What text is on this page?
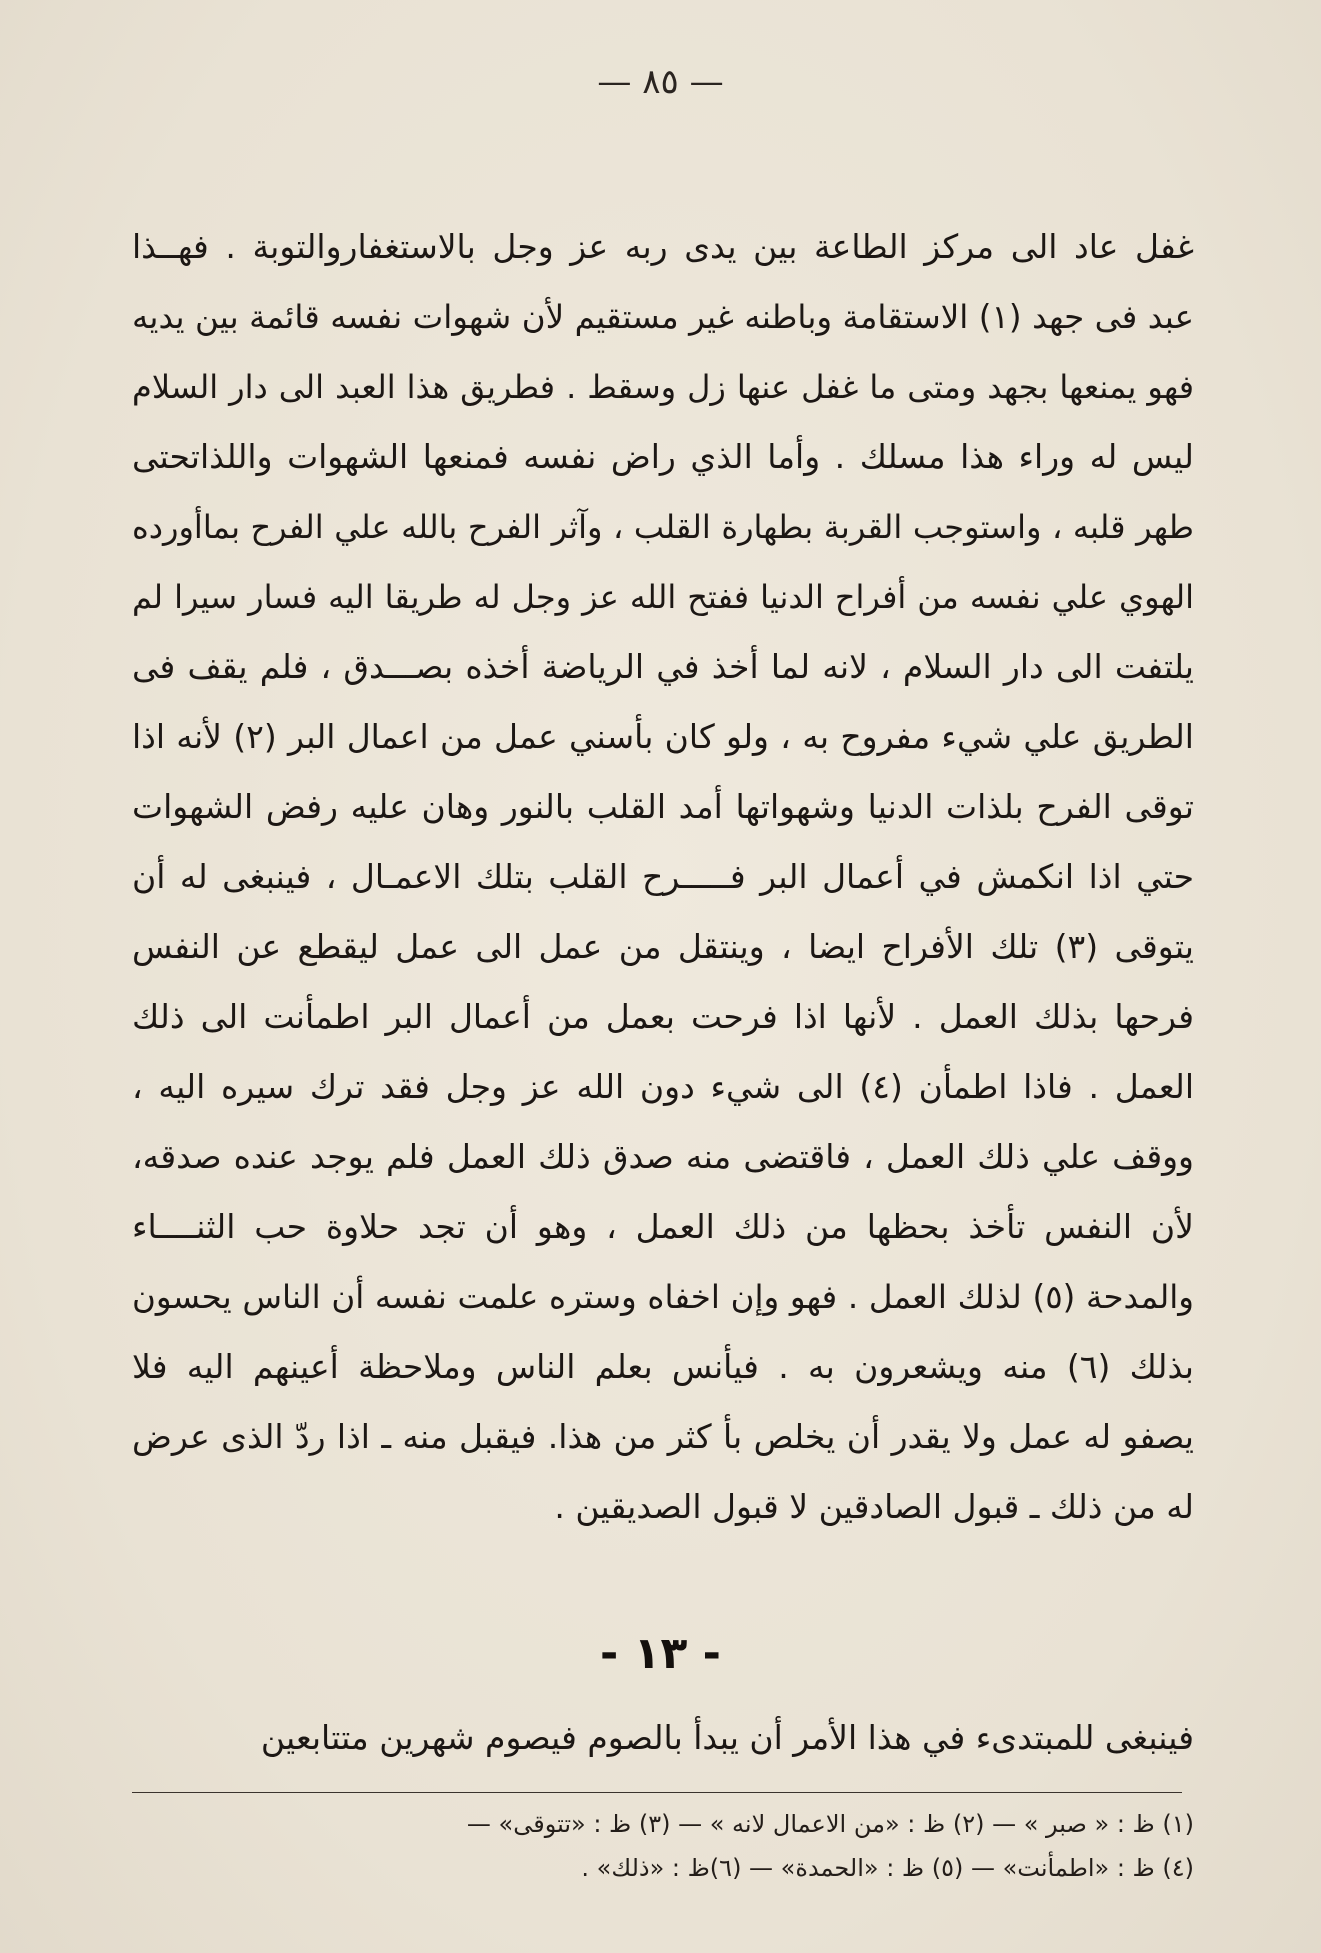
— ٨٥ —
غفل عاد الى مركز الطاعة بين يدى ربه عز وجل بالاستغفاروالتوبة . فهــذا
عبد فى جهد (١) الاستقامة وباطنه غير مستقيم لأن شهوات نفسه قائمة بين يديه
فهو يمنعها بجهد ومتى ما غفل عنها زل وسقط . فطريق هذا العبد الى دار السلام
ليس له وراء هذا مسلك . وأما الذي راض نفسه فمنعها الشهوات واللذاتحتى
طهر قلبه ، واستوجب القربة بطهارة القلب ، وآثر الفرح بالله علي الفرح بماأورده
الهوي علي نفسه من أفراح الدنيا ففتح الله عز وجل له طريقا اليه فسار سيرا لم
يلتفت الى دار السلام ، لانه لما أخذ في الرياضة أخذه بصـــدق ، فلم يقف فى
الطريق علي شيء مفروح به ، ولو كان بأسني عمل من اعمال البر (٢) لأنه اذا
توقى الفرح بلذات الدنيا وشهواتها أمد القلب بالنور وهان عليه رفض الشهوات
حتي اذا انكمش في أعمال البر فـــــرح القلب بتلك الاعمـال ، فينبغى له أن
يتوقى (٣) تلك الأفراح ايضا ، وينتقل من عمل الى عمل ليقطع عن النفس
فرحها بذلك العمل . لأنها اذا فرحت بعمل من أعمال البر اطمأنت الى ذلك
العمل . فاذا اطمأن (٤) الى شيء دون الله عز وجل فقد ترك سيره اليه ،
ووقف علي ذلك العمل ، فاقتضى منه صدق ذلك العمل فلم يوجد عنده صدقه،
لأن النفس تأخذ بحظها من ذلك العمل ، وهو أن تجد حلاوة حب الثنــــاء
والمدحة (٥) لذلك العمل . فهو وإن اخفاه وستره علمت نفسه أن الناس يحسون
بذلك (٦) منه ويشعرون به . فيأنس بعلم الناس وملاحظة أعينهم اليه فلا
يصفو له عمل ولا يقدر أن يخلص بأ كثر من هذا. فيقبل منه ـ اذا ردّ الذى عرض
له من ذلك ـ قبول الصادقين لا قبول الصديقين .
- ١٣ -
فينبغى للمبتدىء في هذا الأمر أن يبدأ بالصوم فيصوم شهرين متتابعين
(١) ظ : « صبر » — (٢) ظ : «من الاعمال لانه » — (٣) ظ : «تتوقى» —
(٤) ظ : «اطمأنت» — (٥) ظ : «الحمدة» — (٦)ظ : «ذلك» .
